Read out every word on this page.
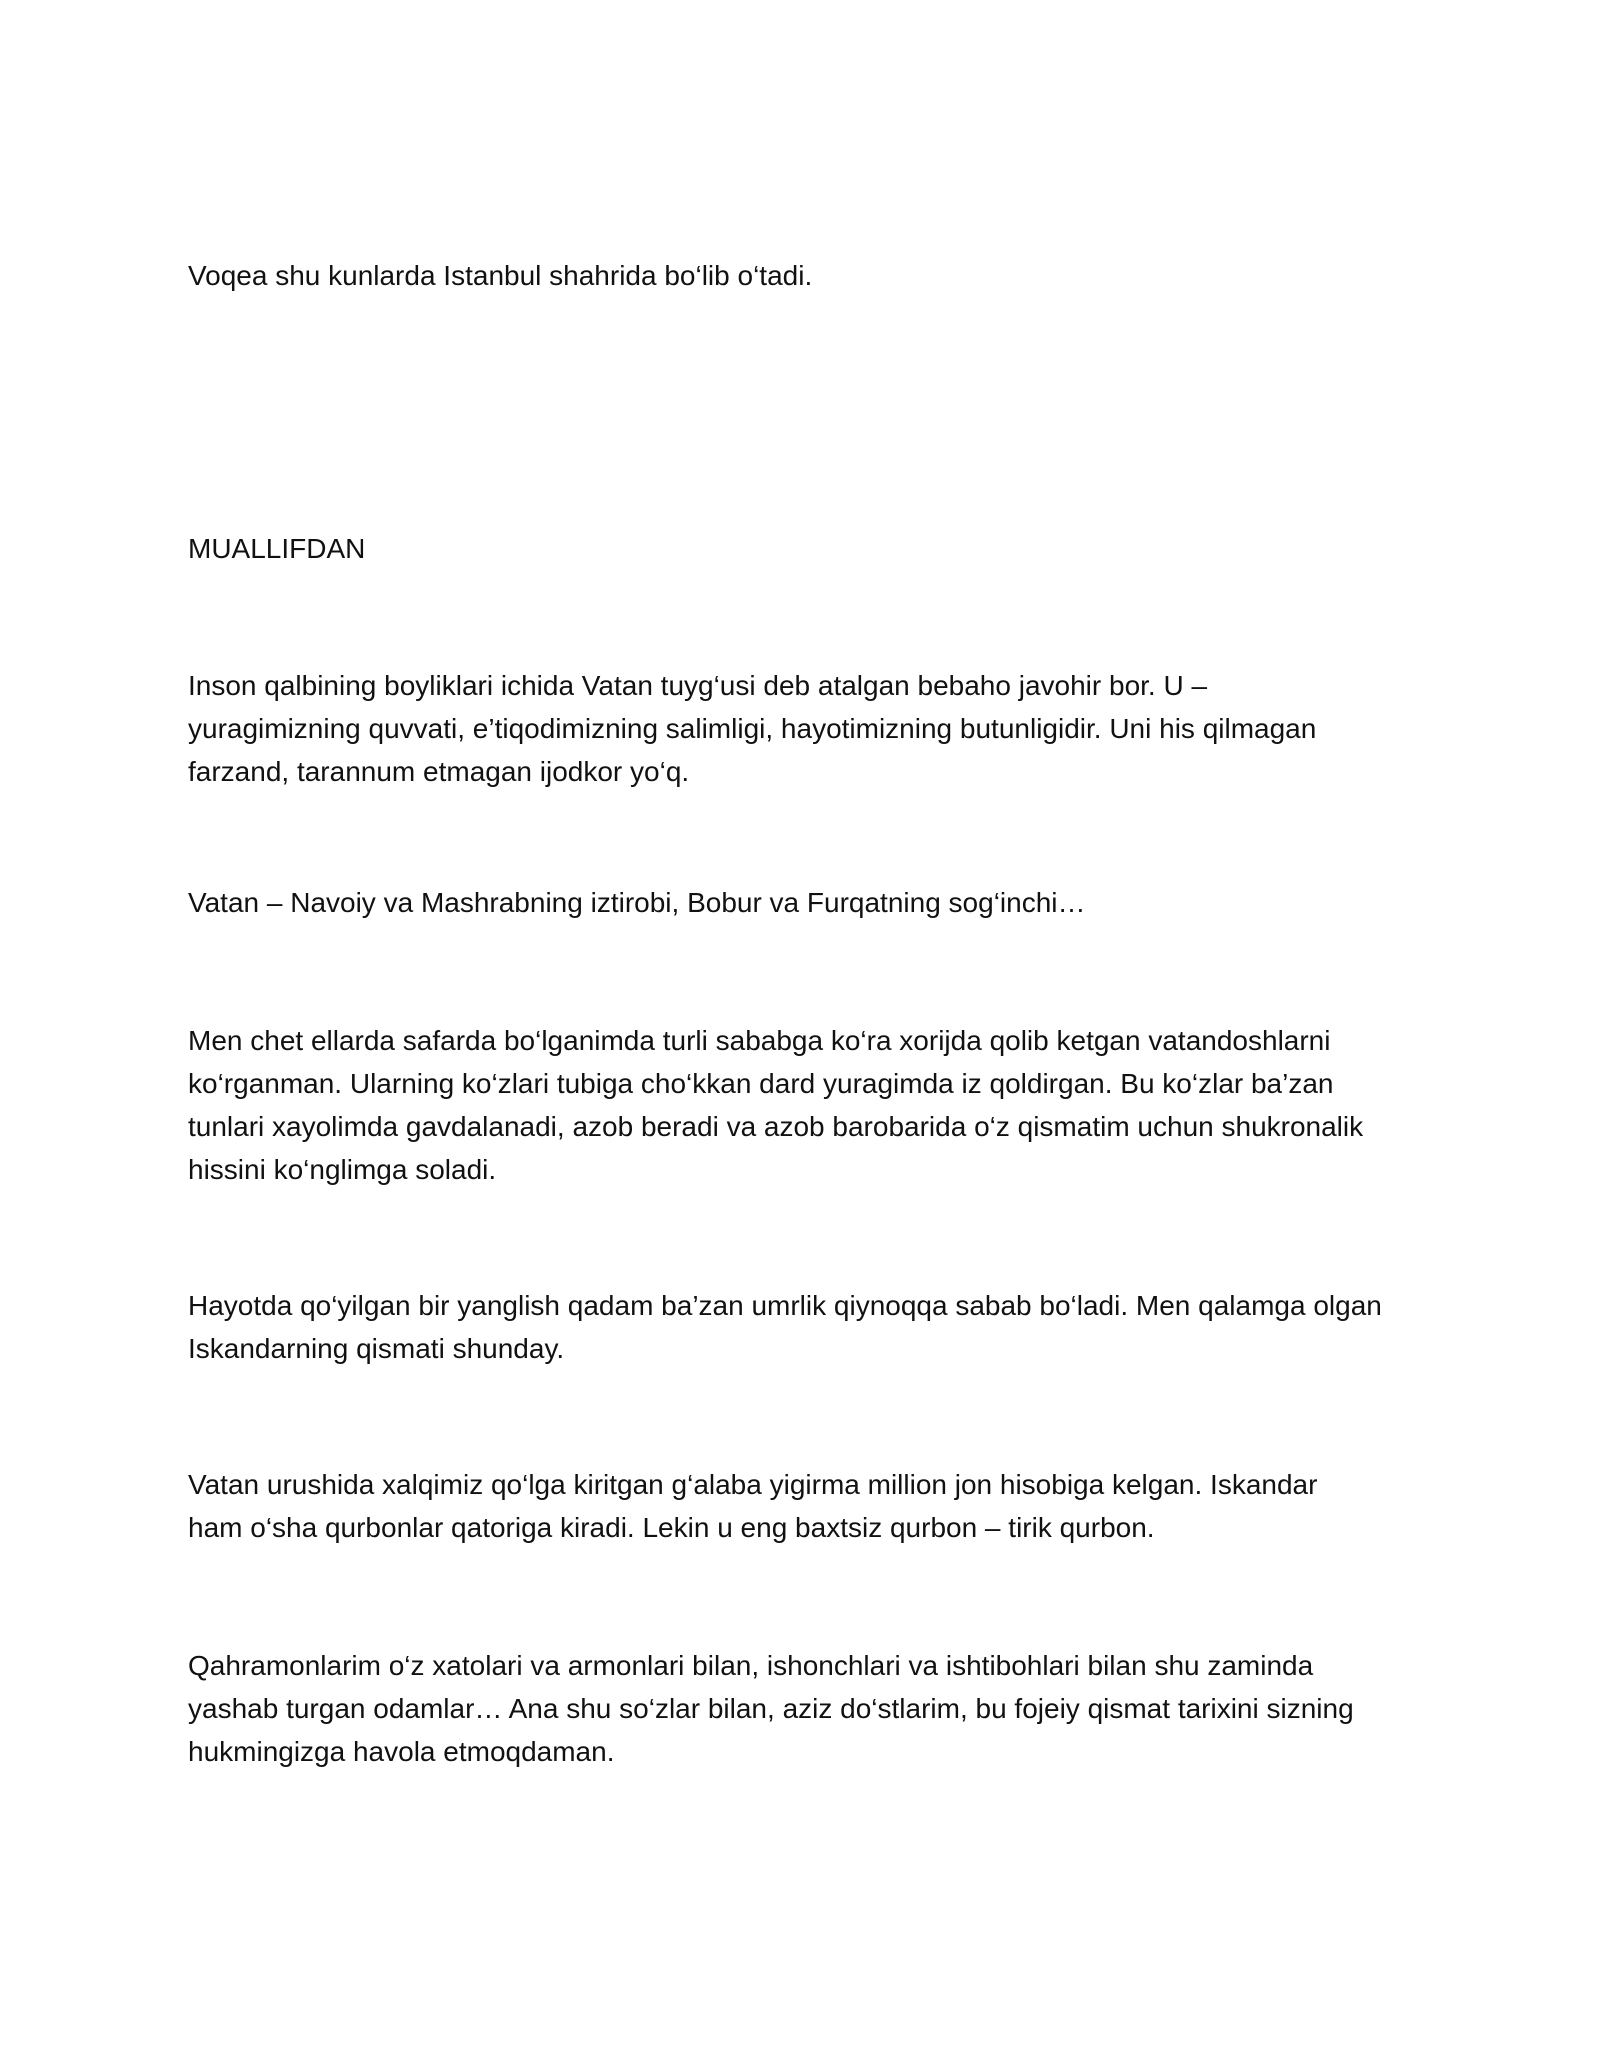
Voqea shu kunlarda Istanbul shahrida bo‘lib o‘tadi.

MUALLIFDAN

Inson qalbining boyliklari ichida Vatan tuyg‘usi deb atalgan bebaho javohir bor. U –
yuragimizning quvvati, e’tiqodimizning salimligi, hayotimizning butunligidir. Uni his qilmagan
farzand, tarannum etmagan ijodkor yo‘q.

Vatan – Navoiy va Mashrabning iztirobi, Bobur va Furqatning sog‘inchi…

Men chet ellarda safarda bo‘lganimda turli sababga ko‘ra xorijda qolib ketgan vatandoshlarni
ko‘rganman. Ularning ko‘zlari tubiga cho‘kkan dard yuragimda iz qoldirgan. Bu ko‘zlar ba’zan
tunlari xayolimda gavdalanadi, azob beradi va azob barobarida o‘z qismatim uchun shukronalik
hissini ko‘nglimga soladi.

Hayotda qo‘yilgan bir yanglish qadam ba’zan umrlik qiynoqqa sabab bo‘ladi. Men qalamga olgan
Iskandarning qismati shunday.

Vatan urushida xalqimiz qo‘lga kiritgan g‘alaba yigirma million jon hisobiga kelgan. Iskandar
ham o‘sha qurbonlar qatoriga kiradi. Lekin u eng baxtsiz qurbon – tirik qurbon.

Qahramonlarim o‘z xatolari va armonlari bilan, ishonchlari va ishtibohlari bilan shu zaminda
yashab turgan odamlar… Ana shu so‘zlar bilan, aziz do‘stlarim, bu fojeiy qismat tarixini sizning
hukmingizga havola etmoqdaman.
